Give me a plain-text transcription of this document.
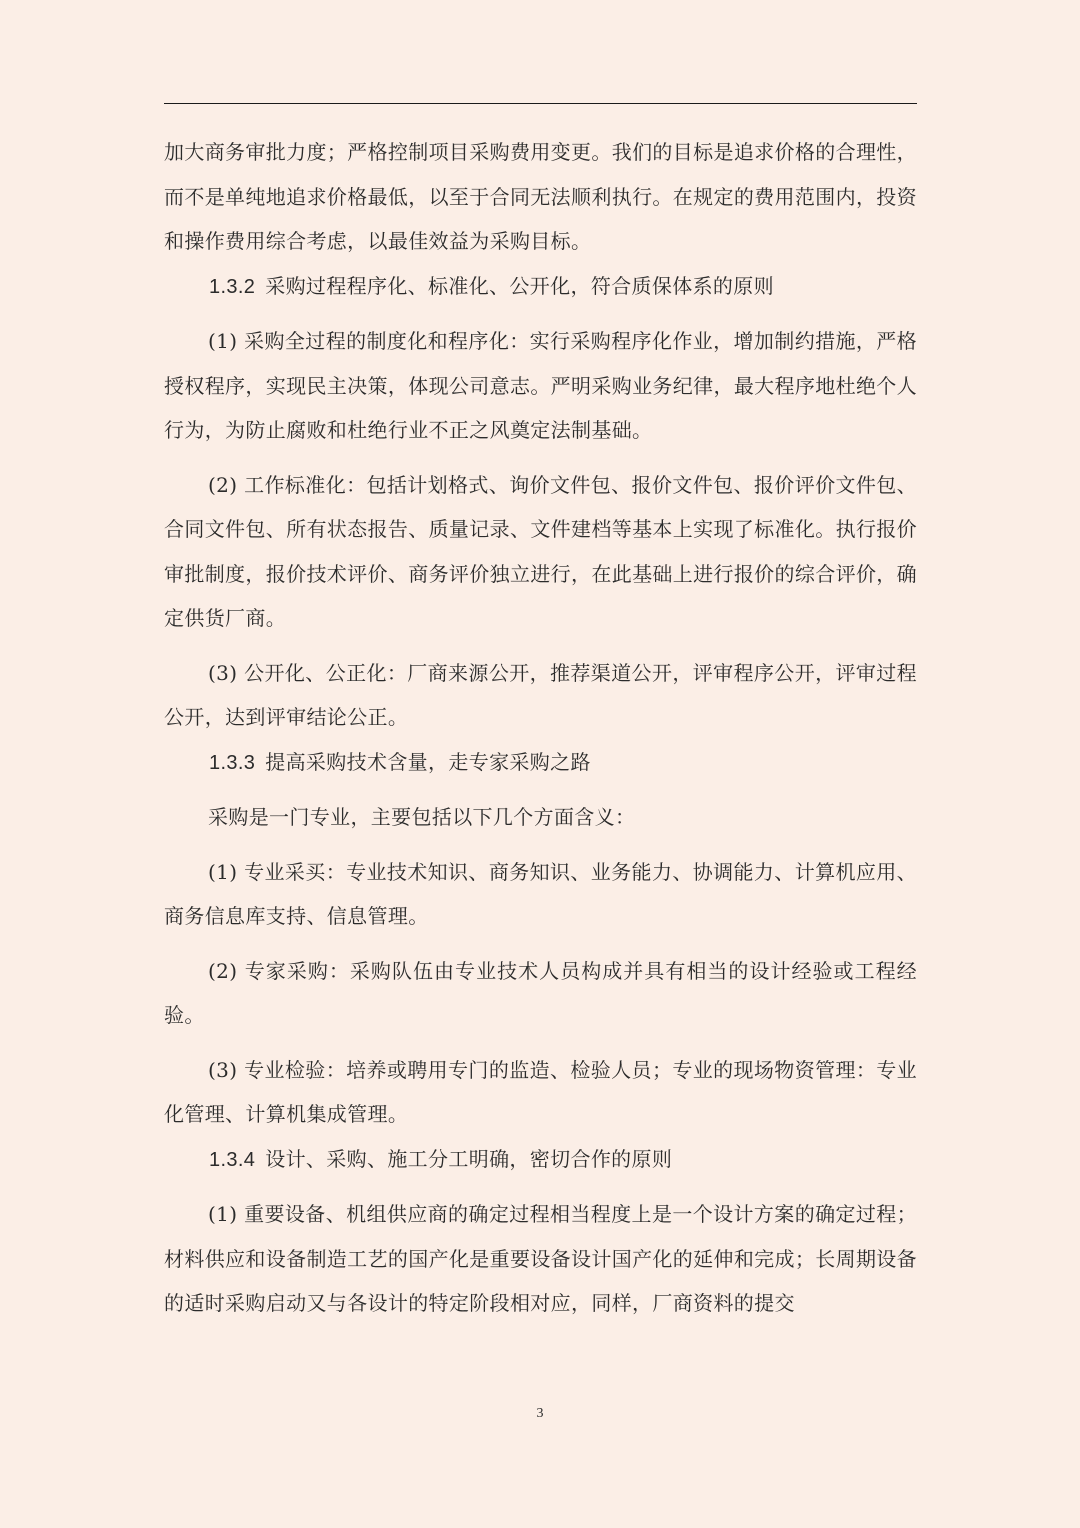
加大商务审批力度；严格控制项目采购费用变更。我们的目标是追求价格的合理性，而不是单纯地追求价格最低，以至于合同无法顺利执行。在规定的费用范围内，投资和操作费用综合考虑，以最佳效益为采购目标。

1.3.2 采购过程程序化、标准化、公开化，符合质保体系的原则

(1) 采购全过程的制度化和程序化：实行采购程序化作业，增加制约措施，严格授权程序，实现民主决策，体现公司意志。严明采购业务纪律，最大程序地杜绝个人行为，为防止腐败和杜绝行业不正之风奠定法制基础。

(2) 工作标准化：包括计划格式、询价文件包、报价文件包、报价评价文件包、合同文件包、所有状态报告、质量记录、文件建档等基本上实现了标准化。执行报价审批制度，报价技术评价、商务评价独立进行，在此基础上进行报价的综合评价，确定供货厂商。

(3) 公开化、公正化：厂商来源公开，推荐渠道公开，评审程序公开，评审过程公开，达到评审结论公正。

1.3.3 提高采购技术含量，走专家采购之路

采购是一门专业，主要包括以下几个方面含义：

(1) 专业采买：专业技术知识、商务知识、业务能力、协调能力、计算机应用、商务信息库支持、信息管理。

(2) 专家采购：采购队伍由专业技术人员构成并具有相当的设计经验或工程经验。

(3) 专业检验：培养或聘用专门的监造、检验人员；专业的现场物资管理：专业化管理、计算机集成管理。

1.3.4 设计、采购、施工分工明确，密切合作的原则

(1) 重要设备、机组供应商的确定过程相当程度上是一个设计方案的确定过程；材料供应和设备制造工艺的国产化是重要设备设计国产化的延伸和完成；长周期设备的适时采购启动又与各设计的特定阶段相对应，同样，厂商资料的提交

3
